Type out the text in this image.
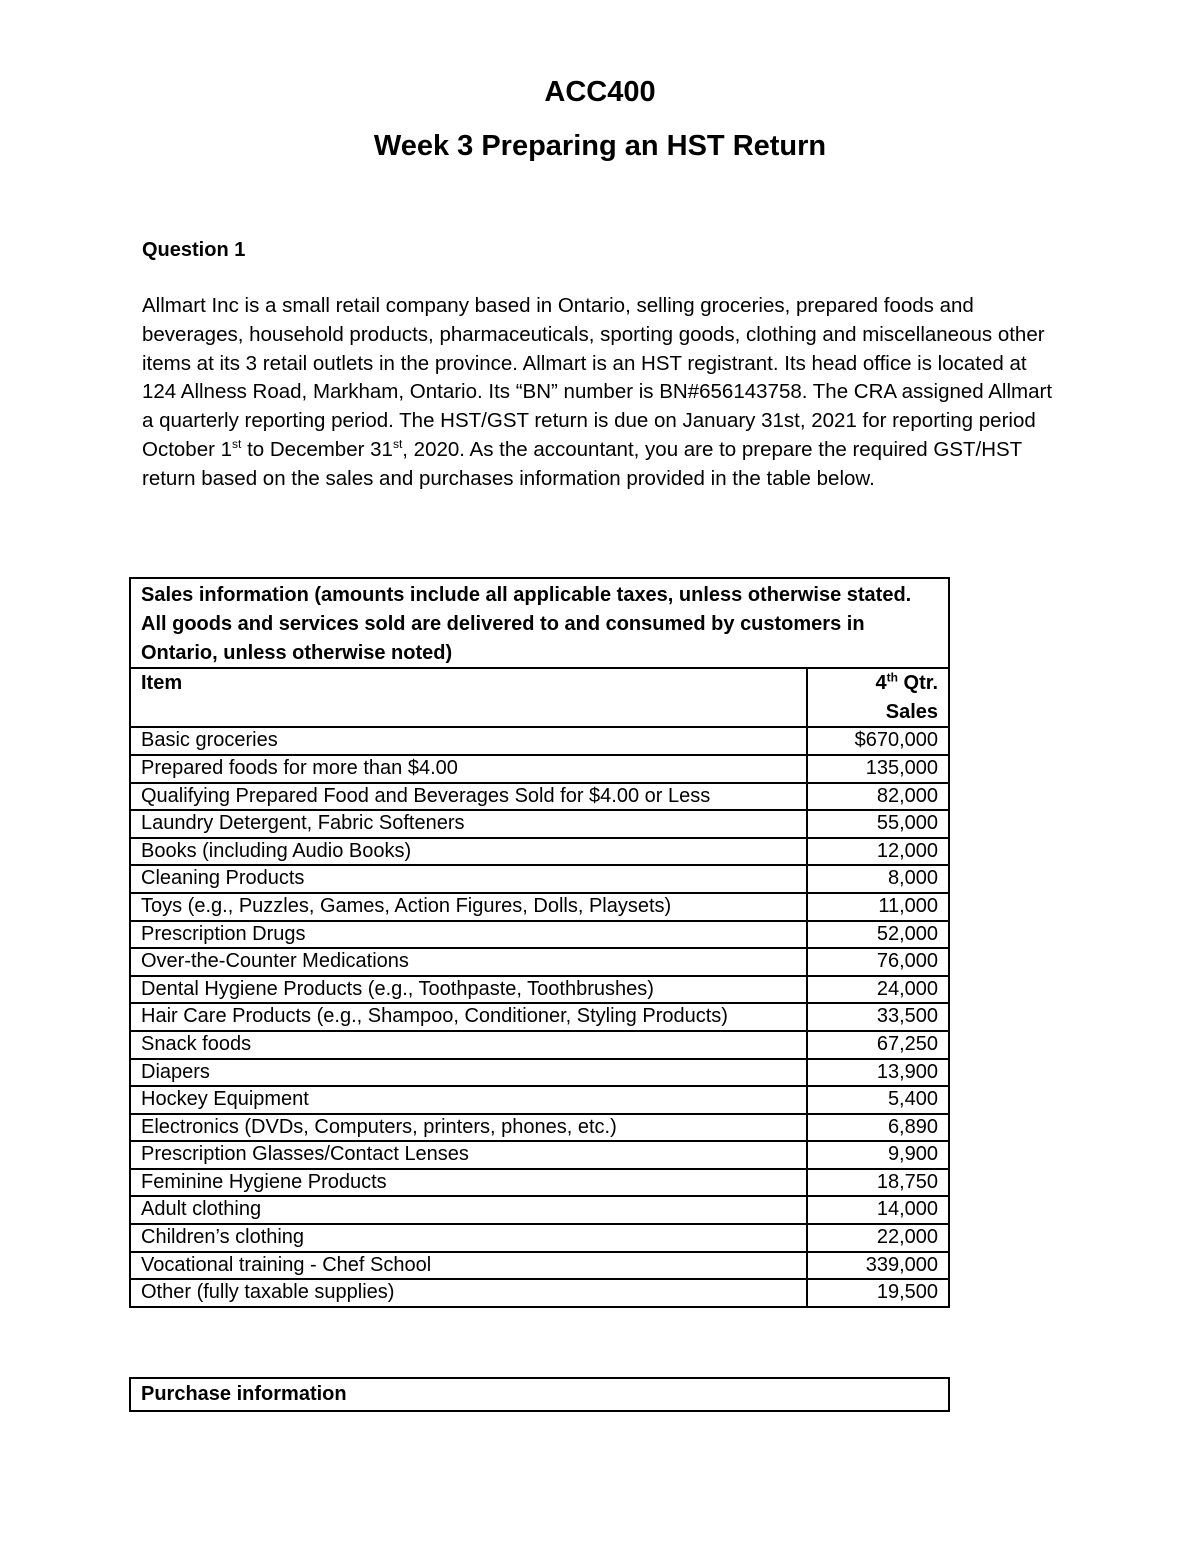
ACC400
Week 3 Preparing an HST Return
Question 1
Allmart Inc is a small retail company based in Ontario, selling groceries, prepared foods and beverages, household products, pharmaceuticals, sporting goods, clothing and miscellaneous other items at its 3 retail outlets in the province. Allmart is an HST registrant. Its head office is located at 124 Allness Road, Markham, Ontario. Its “BN” number is BN#656143758. The CRA assigned Allmart a quarterly reporting period. The HST/GST return is due on January 31st, 2021 for reporting period October 1st to December 31st, 2020. As the accountant, you are to prepare the required GST/HST return based on the sales and purchases information provided in the table below.
Sales information (amounts include all applicable taxes, unless otherwise stated. All goods and services sold are delivered to and consumed by customers in Ontario, unless otherwise noted)	
Item	4th Qtr.
Sales
Basic groceries	$670,000
Prepared foods for more than $4.00	135,000
Qualifying Prepared Food and Beverages Sold for $4.00 or Less	82,000
Laundry Detergent, Fabric Softeners	55,000
Books (including Audio Books)	12,000
Cleaning Products	8,000
Toys (e.g., Puzzles, Games, Action Figures, Dolls, Playsets)	11,000
Prescription Drugs	52,000
Over-the-Counter Medications	76,000
Dental Hygiene Products (e.g., Toothpaste, Toothbrushes)	24,000
Hair Care Products (e.g., Shampoo, Conditioner, Styling Products)	33,500
Snack foods	67,250
Diapers	13,900
Hockey Equipment	5,400
Electronics (DVDs, Computers, printers, phones, etc.)	6,890
Prescription Glasses/Contact Lenses	9,900
Feminine Hygiene Products	18,750
Adult clothing	14,000
Children’s clothing	22,000
Vocational training - Chef School	339,000
Other (fully taxable supplies)	19,500
Purchase information
